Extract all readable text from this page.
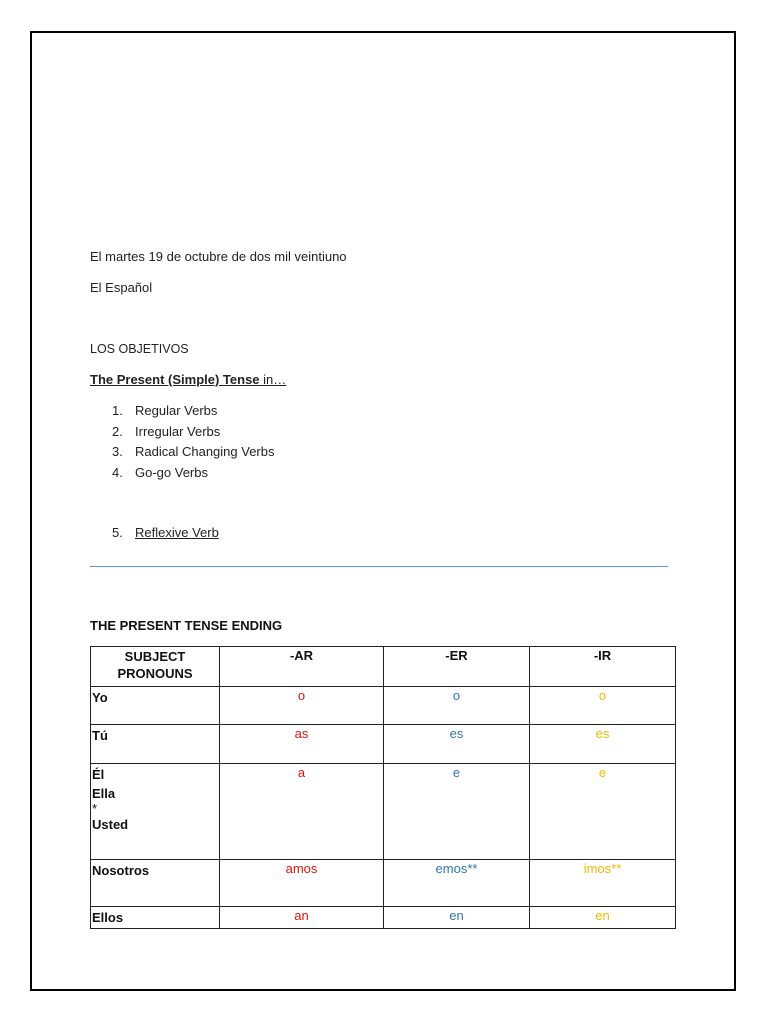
El martes 19 de octubre de dos mil veintiuno
El Español
LOS OBJETIVOS
The Present (Simple) Tense in…
1. Regular Verbs
2. Irregular Verbs
3. Radical Changing Verbs
4. Go-go Verbs
5. Reflexive Verb
THE PRESENT TENSE ENDING
SUBJECT PRONOUNS	-AR	-ER	-IR
Yo	o	o	o
Tú	as	es	es

Él
Ella
*
Usted	a	e	e
Nosotros	amos	emos**	imos**
Ellos	an	en	en
